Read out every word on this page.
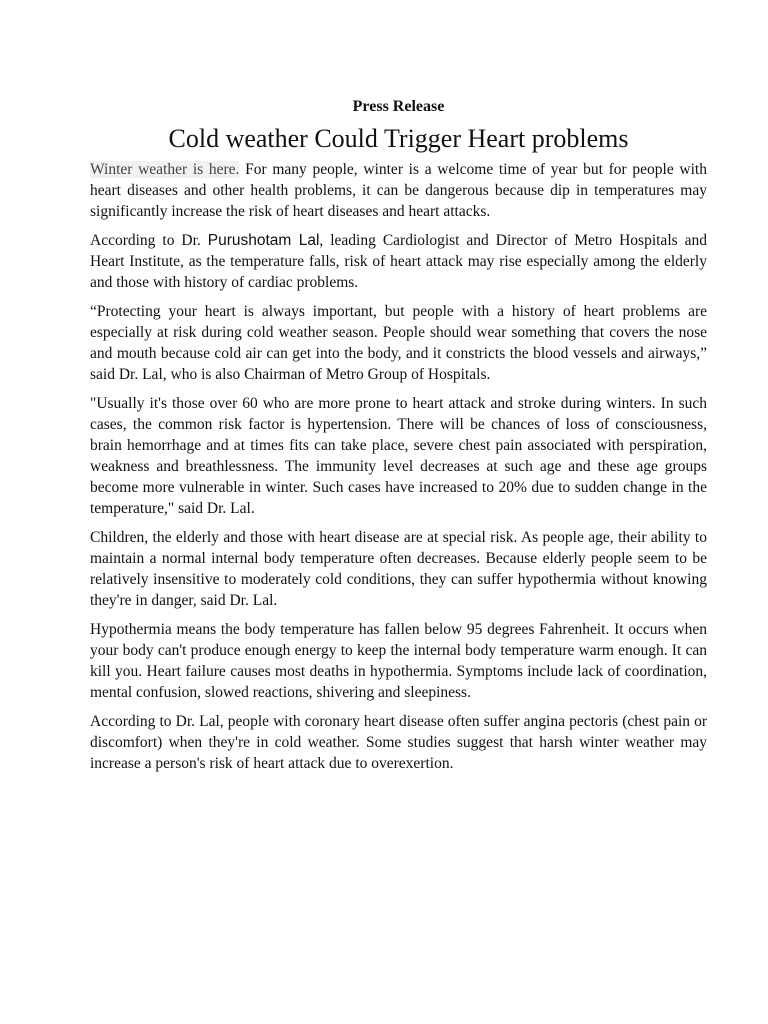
Press Release
Cold weather Could Trigger Heart problems

Winter weather is here. For many people, winter is a welcome time of year but for people with heart diseases and other health problems, it can be dangerous because dip in temperatures may significantly increase the risk of heart diseases and heart attacks.

According to Dr. Purushotam Lal, leading Cardiologist and Director of Metro Hospitals and Heart Institute, as the temperature falls, risk of heart attack may rise especially among the elderly and those with history of cardiac problems.

“Protecting your heart is always important, but people with a history of heart problems are especially at risk during cold weather season. People should wear something that covers the nose and mouth because cold air can get into the body, and it constricts the blood vessels and airways,” said Dr. Lal, who is also Chairman of Metro Group of Hospitals.

"Usually it's those over 60 who are more prone to heart attack and stroke during winters. In such cases, the common risk factor is hypertension. There will be chances of loss of consciousness, brain hemorrhage and at times fits can take place, severe chest pain associated with perspiration, weakness and breathlessness. The immunity level decreases at such age and these age groups become more vulnerable in winter. Such cases have increased to 20% due to sudden change in the temperature," said Dr. Lal.

Children, the elderly and those with heart disease are at special risk. As people age, their ability to maintain a normal internal body temperature often decreases. Because elderly people seem to be relatively insensitive to moderately cold conditions, they can suffer hypothermia without knowing they're in danger, said Dr. Lal.

Hypothermia means the body temperature has fallen below 95 degrees Fahrenheit. It occurs when your body can't produce enough energy to keep the internal body temperature warm enough. It can kill you. Heart failure causes most deaths in hypothermia. Symptoms include lack of coordination, mental confusion, slowed reactions, shivering and sleepiness.

According to Dr. Lal, people with coronary heart disease often suffer angina pectoris (chest pain or discomfort) when they're in cold weather. Some studies suggest that harsh winter weather may increase a person's risk of heart attack due to overexertion.
